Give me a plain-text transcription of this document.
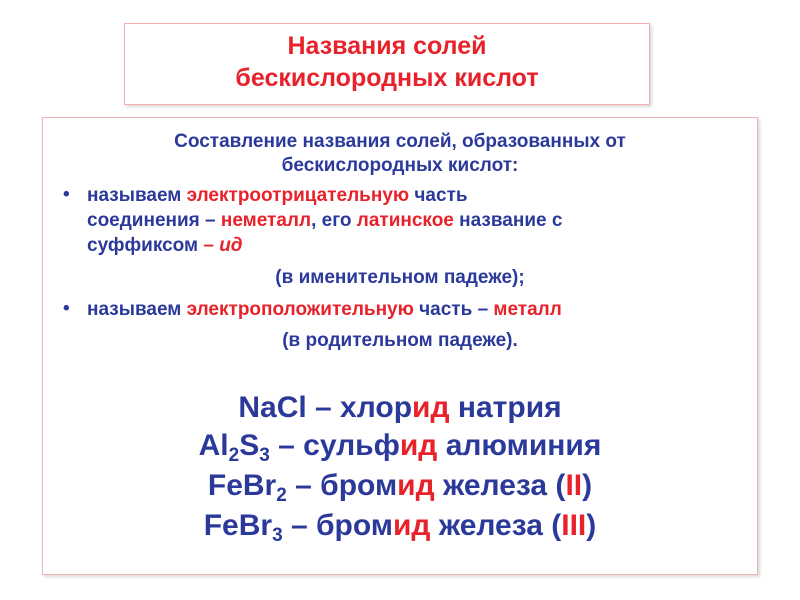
Названия солей
бескислородных кислот
Составление названия солей, образованных от
бескислородных кислот:
• называем электроотрицательную часть
соединения – неметалл, его латинское название с
суффиксом – ид
(в именительном падеже);
• называем электроположительную часть – металл
(в родительном падеже).
NaCl – хлорид натрия
$Al_2S_3$ – сульфид алюминия
FeBr$_2$ – бромид железа (II)
FeBr$_3$ – бромид железа (III)
